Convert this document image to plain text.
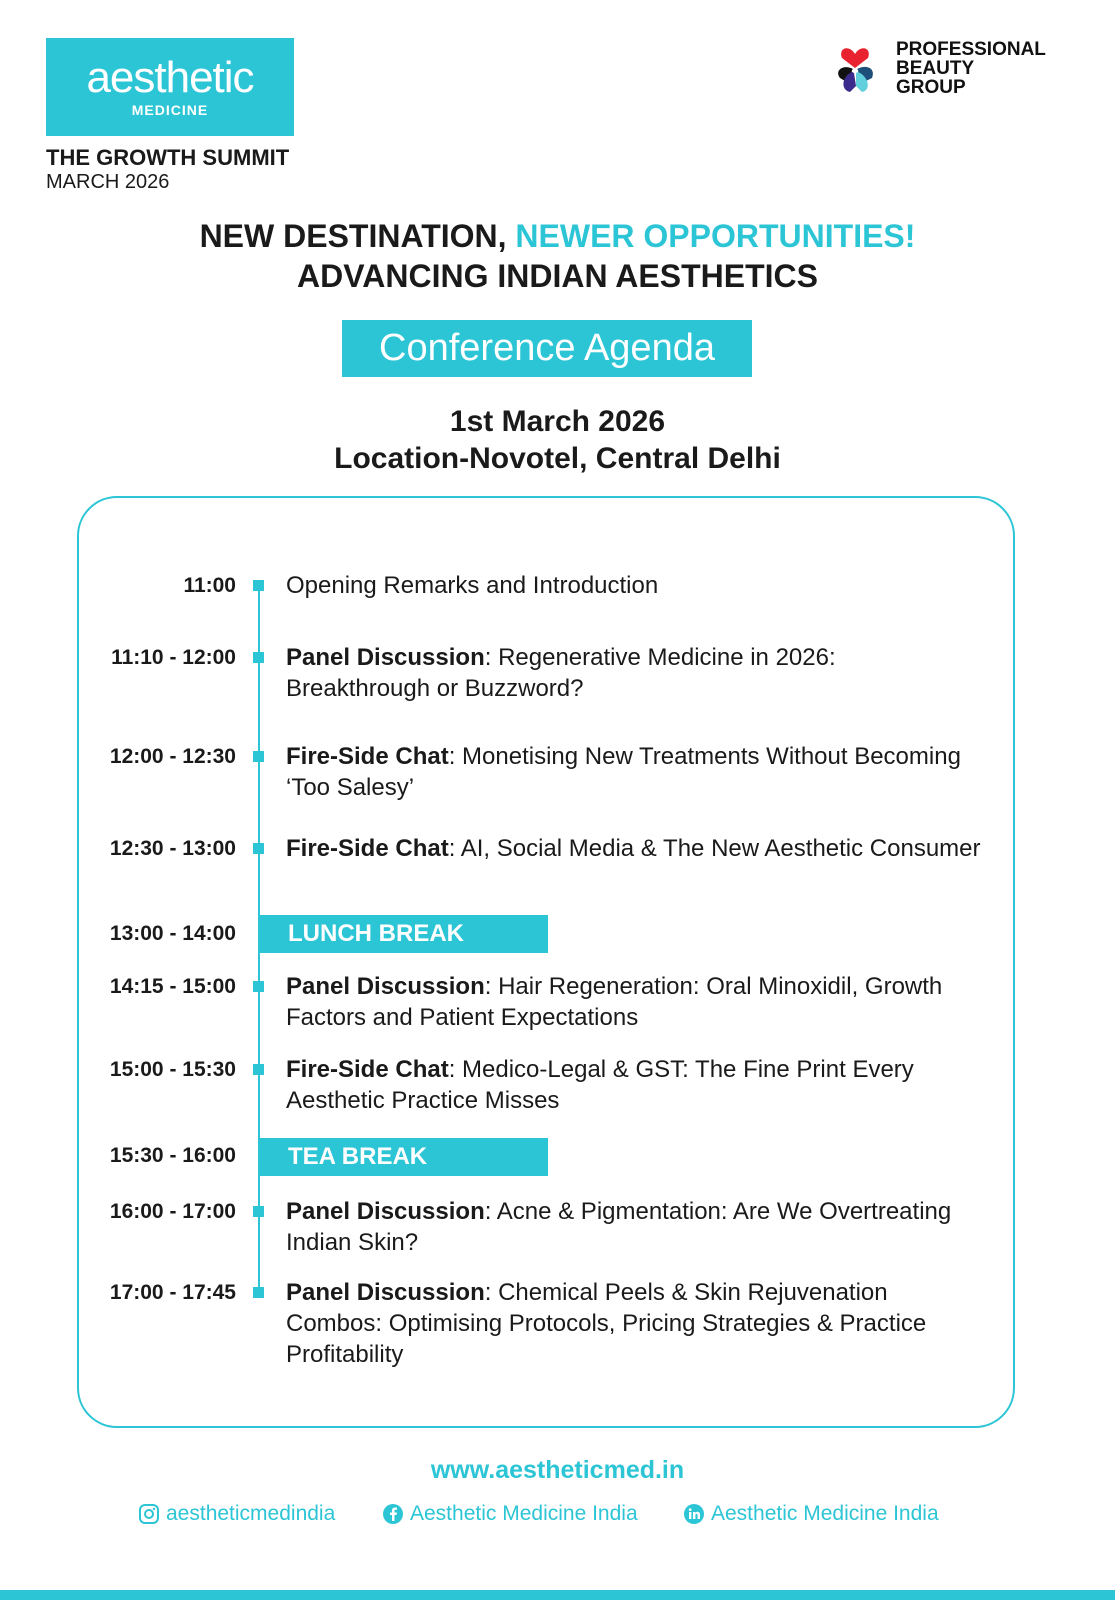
aesthetic
MEDICINE
THE GROWTH SUMMIT
MARCH 2026
PROFESSIONAL
BEAUTY
GROUP
NEW DESTINATION, NEWER OPPORTUNITIES!
ADVANCING INDIAN AESTHETICS
Conference Agenda
1st March 2026
Location-Novotel, Central Delhi
11:00 Opening Remarks and Introduction
11:10 - 12:00 Panel Discussion: Regenerative Medicine in 2026: Breakthrough or Buzzword?
12:00 - 12:30 Fire-Side Chat: Monetising New Treatments Without Becoming ‘Too Salesy’
12:30 - 13:00 Fire-Side Chat: AI, Social Media & The New Aesthetic Consumer
13:00 - 14:00	LUNCH BREAK
14:15 - 15:00 Panel Discussion: Hair Regeneration: Oral Minoxidil, Growth Factors and Patient Expectations
15:00 - 15:30 Fire-Side Chat: Medico-Legal & GST: The Fine Print Every Aesthetic Practice Misses
15:30 - 16:00	TEA BREAK
16:00 - 17:00 Panel Discussion: Acne & Pigmentation: Are We Overtreating Indian Skin?
17:00 - 17:45 Panel Discussion: Chemical Peels & Skin Rejuvenation Combos: Optimising Protocols, Pricing Strategies & Practice Profitability
www.aestheticmed.in
aestheticmedindia	Aesthetic Medicine India	Aesthetic Medicine India
